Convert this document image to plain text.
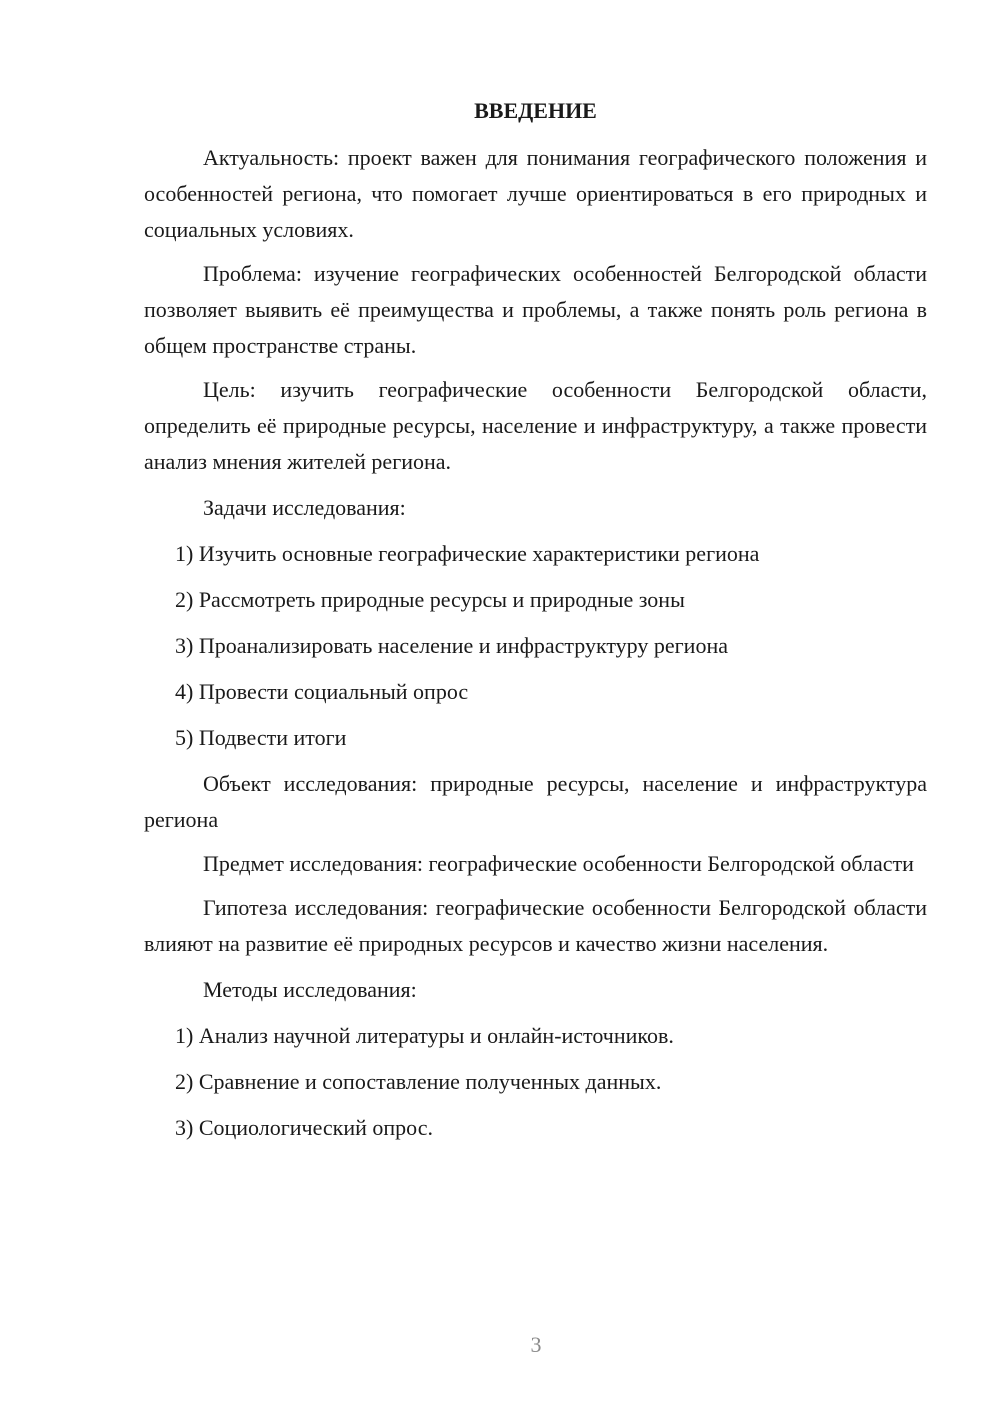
ВВЕДЕНИЕ

Актуальность: проект важен для понимания географического положения и особенностей региона, что помогает лучше ориентироваться в его природных и социальных условиях.

Проблема: изучение географических особенностей Белгородской области позволяет выявить её преимущества и проблемы, а также понять роль региона в общем пространстве страны.

Цель: изучить географические особенности Белгородской области, определить её природные ресурсы, население и инфраструктуру, а также провести анализ мнения жителей региона.

Задачи исследования:
1) Изучить основные географические характеристики региона
2) Рассмотреть природные ресурсы и природные зоны
3) Проанализировать население и инфраструктуру региона
4) Провести социальный опрос
5) Подвести итоги

Объект исследования: природные ресурсы, население и инфраструктура региона

Предмет исследования: географические особенности Белгородской области

Гипотеза исследования: географические особенности Белгородской области влияют на развитие её природных ресурсов и качество жизни населения.

Методы исследования:
1) Анализ научной литературы и онлайн-источников.
2) Сравнение и сопоставление полученных данных.
3) Социологический опрос.
3
